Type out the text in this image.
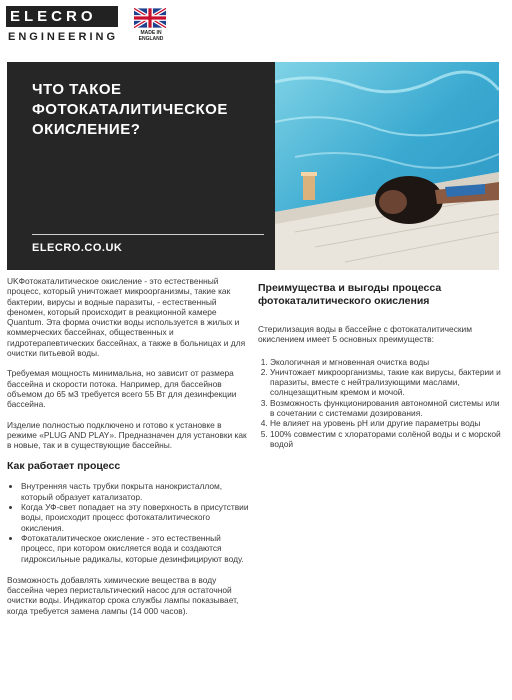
ELECRO
ENGINEERING	MADE IN ENGLAND
ЧТО ТАКОЕ ФОТОКАТАЛИТИЧЕСКОЕ ОКИСЛЕНИЕ?
ELECRO.CO.UK

UKФотокаталитическое окисление - это естественный процесс, который уничтожает микроорганизмы, такие как бактерии, вирусы и водные паразиты, - естественный феномен, который происходит в реакционной камере Quantum. Эта форма очистки воды используется в жилых и коммерческих бассейнах, общественных и гидротерапевтических бассейнах, а также в больницах и для очистки питьевой воды.

Требуемая мощность минимальна, но зависит от размера бассейна и скорости потока. Например, для бассейнов объемом до 65 м3 требуется всего 55 Вт для дезинфекции бассейна.

Изделие полностью подключено и готово к установке в режиме «PLUG AND PLAY». Предназначен для установки как в новые, так и в существующие бассейны.

Как работает процесс
• Внутренняя часть трубки покрыта нанокристаллом, который образует катализатор.
• Когда УФ-свет попадает на эту поверхность в присутствии воды, происходит процесс фотокаталитического окисления.
• Фотокаталитическое окисление - это естественный процесс, при котором окисляется вода и создаются гидроксильные радикалы, которые дезинфицируют воду.

Возможность добавлять химические вещества в воду бассейна через перистальтический насос для остаточной очистки воды. Индикатор срока службы лампы показывает, когда требуется замена лампы (14 000 часов).

Преимущества и выгоды процесса фотокаталитического окисления

Стерилизация воды в бассейне с фотокаталитическим окислением имеет 5 основных преимуществ:

1. Экологичная и мгновенная очистка воды
2. Уничтожает микроорганизмы, такие как вирусы, бактерии и паразиты, вместе с нейтрализующими маслами, солнцезащитным кремом и мочой.
3. Возможность функционирования автономной системы или в сочетании с системами дозирования.
4. Не влияет на уровень pH или другие параметры воды
5. 100% совместим с хлораторами солёной воды и с морской водой
